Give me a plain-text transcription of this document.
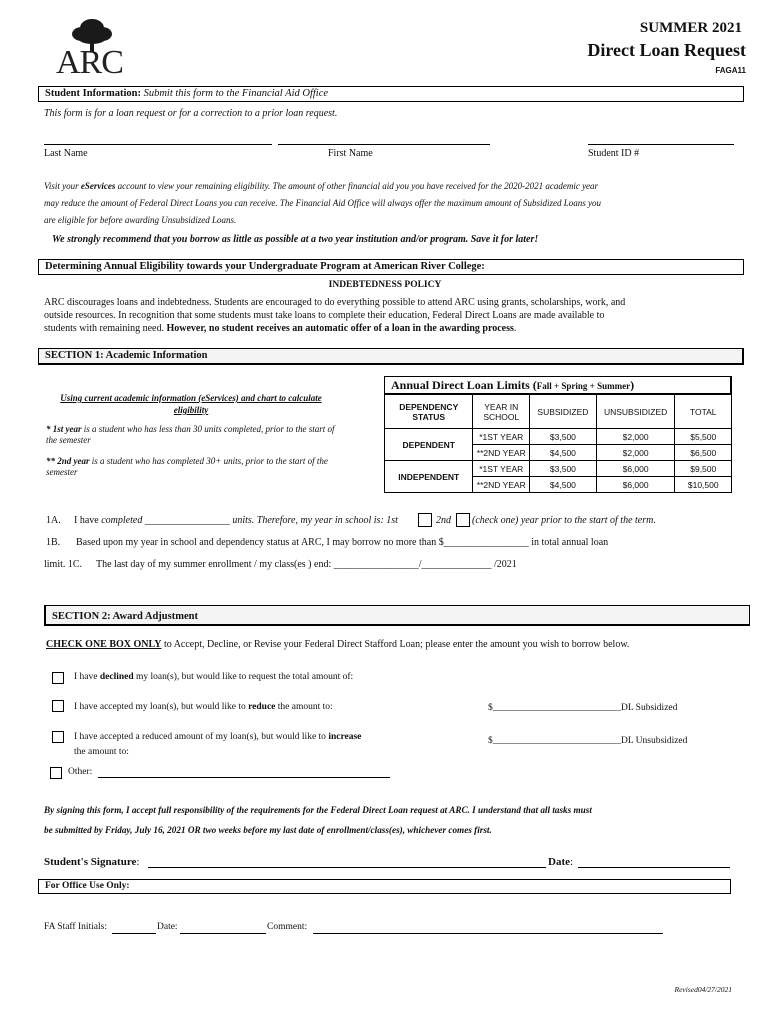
ARC
SUMMER 2021
Direct Loan Request
FAGA11
Student Information: Submit this form to the Financial Aid Office
This form is for a loan request or for a correction to a prior loan request.
Last Name	First Name	Student ID #
Visit your eServices account to view your remaining eligibility. The amount of other financial aid you you have received for the 2020-2021 academic year
may reduce the amount of Federal Direct Loans you can receive. The Financial Aid Office will always offer the maximum amount of Subsidized Loans you
are eligible for before awarding Unsubsidized Loans.
We strongly recommend that you borrow as little as possible at a two year institution and/or program. Save it for later!
Determining Annual Eligibility towards your Undergraduate Program at American River College:
INDEBTEDNESS POLICY
ARC discourages loans and indebtedness. Students are encouraged to do everything possible to attend ARC using grants, scholarships, work, and
outside resources. In recognition that some students must take loans to complete their education, Federal Direct Loans are made available to
students with remaining need. However, no student receives an automatic offer of a loan in the awarding process.
SECTION 1: Academic Information
Using current academic information (eServices) and chart to calculate eligibility
* 1st year is a student who has less than 30 units completed, prior to the start of the semester
** 2nd year is a student who has completed 30+ units, prior to the start of the semester
Annual Direct Loan Limits (Fall + Spring + Summer)
DEPENDENCY STATUS	YEAR IN SCHOOL	SUBSIDIZED	UNSUBSIDIZED	TOTAL
DEPENDENT	*1ST YEAR	$3,500	$2,000	$5,500
	**2ND YEAR	$4,500	$2,000	$6,500
INDEPENDENT	*1ST YEAR	$3,500	$6,000	$9,500
	**2ND YEAR	$4,500	$6,000	$10,500
1A. I have completed _________________ units. Therefore, my year in school is: 1st	2nd (check one) year prior to the start of the term.
1B. Based upon my year in school and dependency status at ARC, I may borrow no more than $_________________ in total annual loan
limit. 1C. The last day of my summer enrollment / my class(es ) end: _________________/______________ /2021
SECTION 2: Award Adjustment
CHECK ONE BOX ONLY to Accept, Decline, or Revise your Federal Direct Stafford Loan; please enter the amount you wish to borrow below.
I have declined my loan(s), but would like to request the total amount of:
I have accepted my loan(s), but would like to reduce the amount to:	$___________________________DL Subsidized
I have accepted a reduced amount of my loan(s), but would like to increase
the amount to:
$___________________________DL Unsubsidized
Other:
By signing this form, I accept full responsibility of the requirements for the Federal Direct Loan request at ARC. I understand that all tasks must
be submitted by Friday, July 16, 2021 OR two weeks before my last date of enrollment/class(es), whichever comes first.
Student's Signature:	Date:
For Office Use Only:
FA Staff Initials:	Date:	Comment:
Revised04/27/2021
